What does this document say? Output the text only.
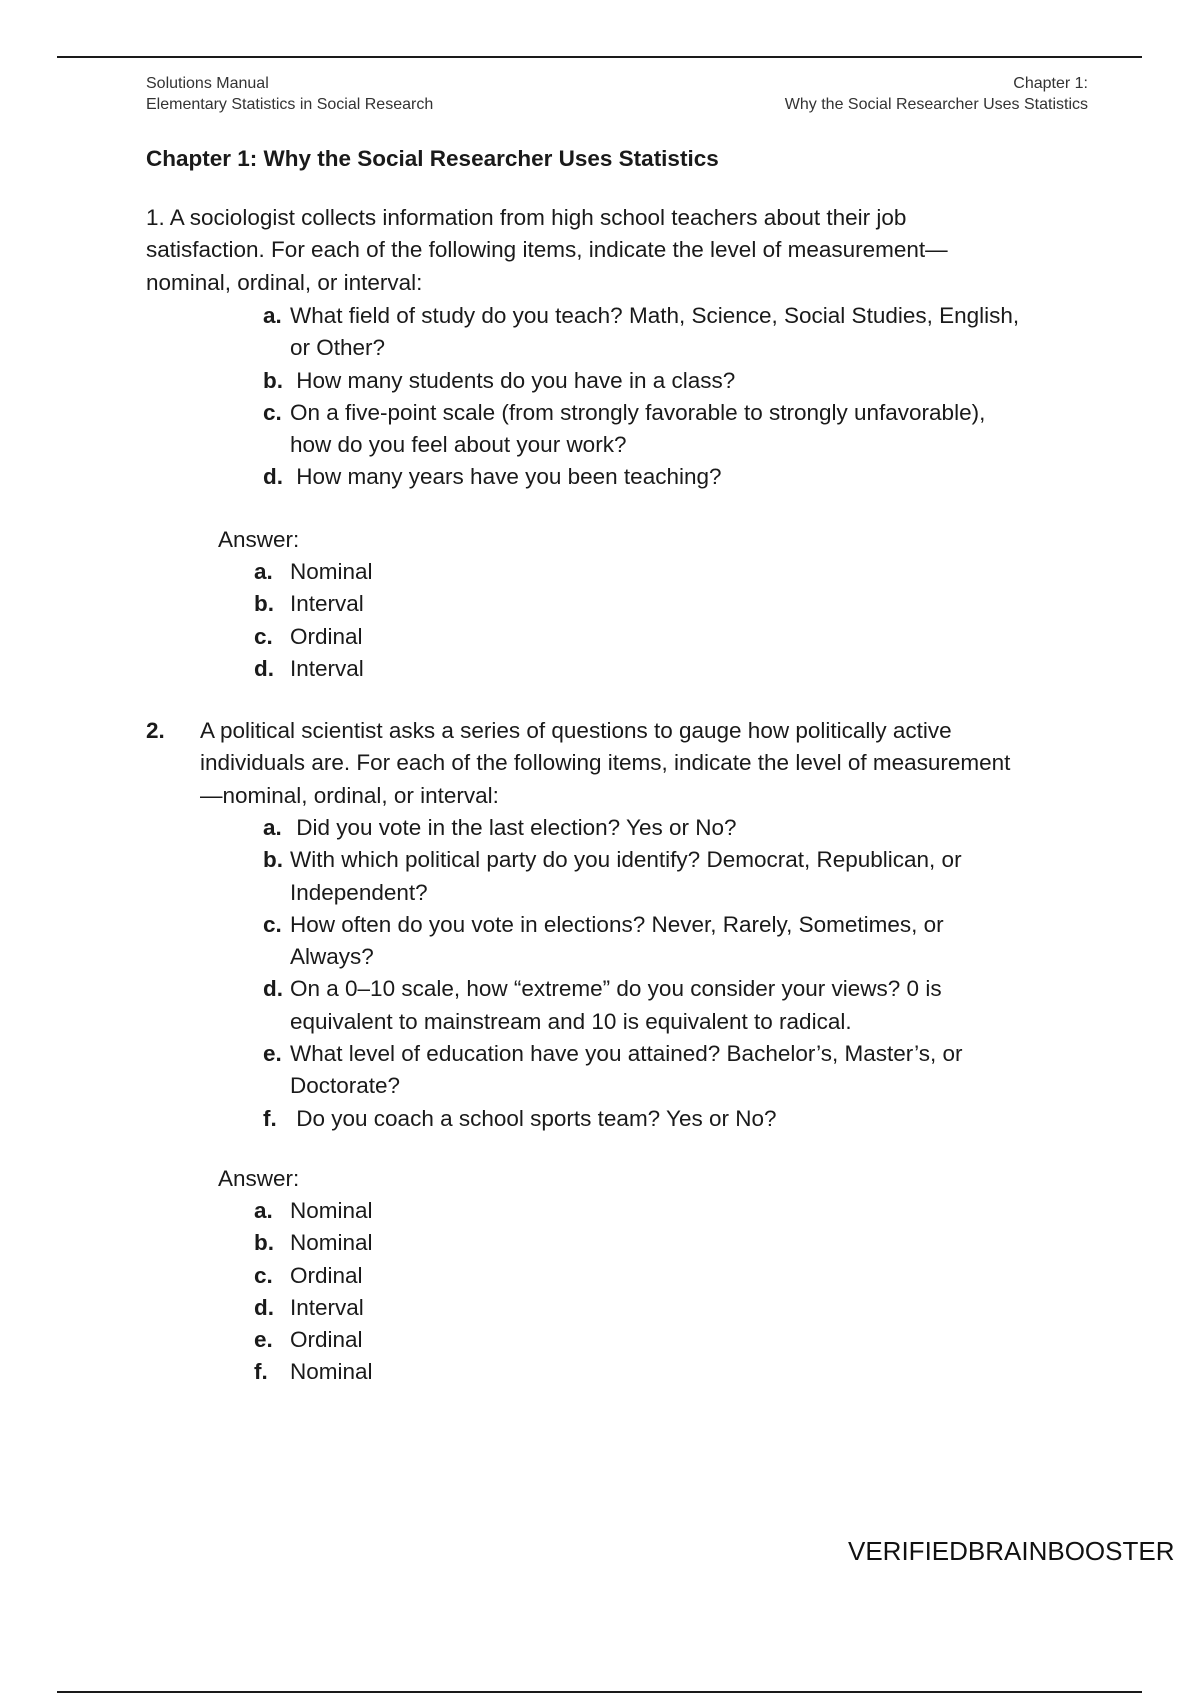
Solutions Manual
Elementary Statistics in Social Research
Chapter 1:
Why the Social Researcher Uses Statistics
Chapter 1: Why the Social Researcher Uses Statistics
1. A sociologist collects information from high school teachers about their job
satisfaction. For each of the following items, indicate the level of measurement—
nominal, ordinal, or interval:
a. What field of study do you teach? Math, Science, Social Studies, English,
or Other?
b. How many students do you have in a class?
c. On a five-point scale (from strongly favorable to strongly unfavorable),
how do you feel about your work?
d. How many years have you been teaching?
Answer:
a. Nominal
b. Interval
c. Ordinal
d. Interval
2. A political scientist asks a series of questions to gauge how politically active
individuals are. For each of the following items, indicate the level of measurement
—nominal, ordinal, or interval:
a. Did you vote in the last election? Yes or No?
b. With which political party do you identify? Democrat, Republican, or
Independent?
c. How often do you vote in elections? Never, Rarely, Sometimes, or
Always?
d. On a 0–10 scale, how “extreme” do you consider your views? 0 is
equivalent to mainstream and 10 is equivalent to radical.
e. What level of education have you attained? Bachelor’s, Master’s, or
Doctorate?
f. Do you coach a school sports team? Yes or No?
Answer:
a. Nominal
b. Nominal
c. Ordinal
d. Interval
e. Ordinal
f. Nominal
VERIFIEDBRAINBOOSTER
